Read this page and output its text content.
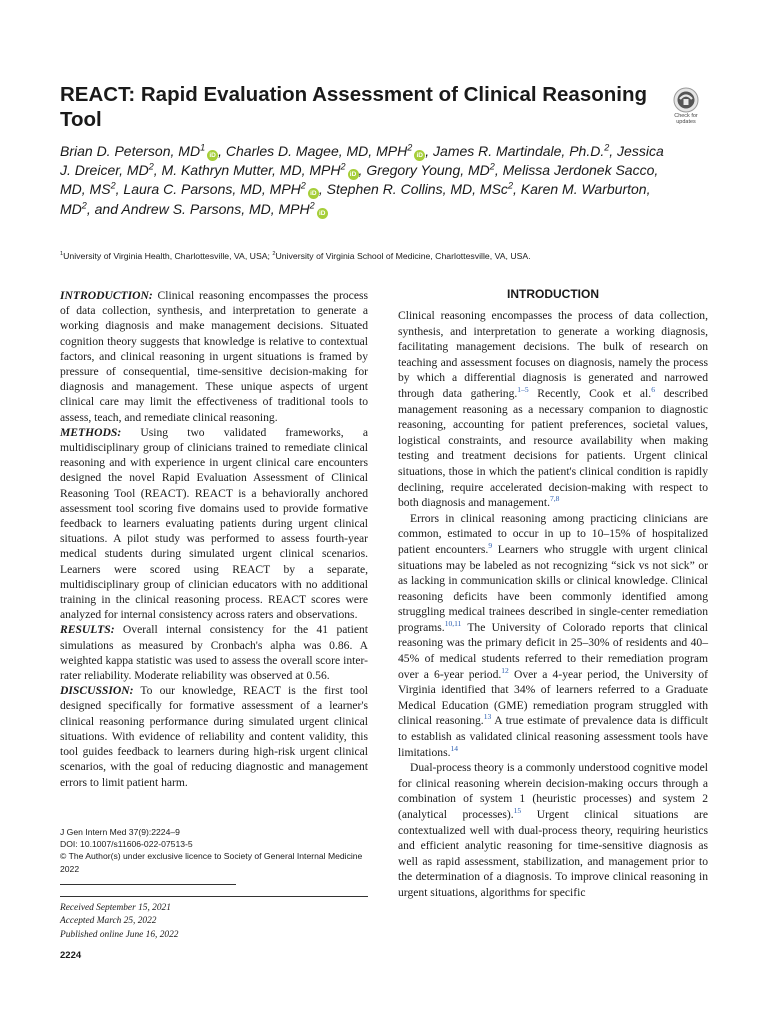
REACT: Rapid Evaluation Assessment of Clinical Reasoning Tool	Check for updates

Brian D. Peterson, $MD^1iD$ , Charles D. Magee, MD, MPH$^2$iD , James R. Martindale, Ph.D.$^2$, Jessica J. Dreicer, $MD^2$, M. Kathryn Mutter, MD, MPH$^2$iD , Gregory Young, $MD^2$, Melissa Jerdonek Sacco, MD, $MS^2$, Laura C. Parsons, MD, MPH$^2$iD , Stephen R. Collins, MD, MSc$^2$, Karen M. Warburton, $MD^2$, and Andrew S. Parsons, MD, MPH$^2$iD

$^1$University of Virginia Health, Charlottesville, VA, USA; $^2$University of Virginia School of Medicine, Charlottesville, VA, USA.

INTRODUCTION: Clinical reasoning encompasses the process of data collection, synthesis, and interpretation to generate a working diagnosis and make management decisions. Situated cognition theory suggests that knowledge is relative to contextual factors, and clinical reasoning in urgent situations is framed by pressure of consequential, time-sensitive decision-making for diagnosis and management. These unique aspects of urgent clinical care may limit the effectiveness of traditional tools to assess, teach, and remediate clinical reasoning.

METHODS: Using two validated frameworks, a multidisciplinary group of clinicians trained to remediate clinical reasoning and with experience in urgent clinical care encounters designed the novel Rapid Evaluation Assessment of Clinical Reasoning Tool (REACT). REACT is a behaviorally anchored assessment tool scoring five domains used to provide formative feedback to learners evaluating patients during urgent clinical situations. A pilot study was performed to assess fourth-year medical students during simulated urgent clinical scenarios. Learners were scored using REACT by a separate, multidisciplinary group of clinician educators with no additional training in the clinical reasoning process. REACT scores were analyzed for internal consistency across raters and observations.

RESULTS: Overall internal consistency for the 41 patient simulations as measured by Cronbach's alpha was 0.86. A weighted kappa statistic was used to assess the overall score inter-rater reliability. Moderate reliability was observed at 0.56.

DISCUSSION: To our knowledge, REACT is the first tool designed specifically for formative assessment of a learner's clinical reasoning performance during simulated urgent clinical situations. With evidence of reliability and content validity, this tool guides feedback to learners during high-risk urgent clinical scenarios, with the goal of reducing diagnostic and management errors to limit patient harm.

J Gen Intern Med 37(9):2224–9
DOI: 10.1007/s11606-022-07513-5
© The Author(s) under exclusive licence to Society of General Internal Medicine 2022
Received September 15, 2021
Accepted March 25, 2022
Published online June 16, 2022
2224
INTRODUCTION

Clinical reasoning encompasses the process of data collection, synthesis, and interpretation to generate a working diagnosis, facilitating management decisions. The bulk of research on teaching and assessment focuses on diagnosis, namely the process by which a differential diagnosis is generated and narrowed through data gathering.$^{1-5}$ Recently, Cook et al.$^6$ described management reasoning as a necessary companion to diagnostic reasoning, accounting for patient preferences, societal values, logistical constraints, and resource availability when making testing and treatment decisions for patients. Urgent clinical situations, those in which the patient's clinical condition is rapidly declining, require accelerated decision-making with respect to both diagnosis and management.$^{7,8}$

Errors in clinical reasoning among practicing clinicians are common, estimated to occur in up to 10–15% of hospitalized patient encounters.$^9$ Learners who struggle with urgent clinical situations may be labeled as not recognizing “sick vs not sick” or as lacking in communication skills or clinical knowledge. Clinical reasoning deficits have been commonly identified among struggling medical trainees described in single-center remediation programs.$^{10,11}$ The University of Colorado reports that clinical reasoning was the primary deficit in 25–30% of residents and 40–45% of medical students referred to their remediation program over a 6-year period.$^{12}$ Over a 4-year period, the University of Virginia identified that 34% of learners referred to a Graduate Medical Education (GME) remediation program struggled with clinical reasoning.$^{13}$ A true estimate of prevalence data is difficult to establish as validated clinical reasoning assessment tools have limitations.$^{14}$

Dual-process theory is a commonly understood cognitive model for clinical reasoning wherein decision-making occurs through a combination of system 1 (heuristic processes) and system 2 (analytical processes).$^{15}$ Urgent clinical situations are contextualized well with dual-process theory, requiring heuristics and efficient analytic reasoning for time-sensitive diagnosis as well as rapid assessment, stabilization, and management prior to the determination of a diagnosis. To improve clinical reasoning in urgent situations, algorithms for specific
